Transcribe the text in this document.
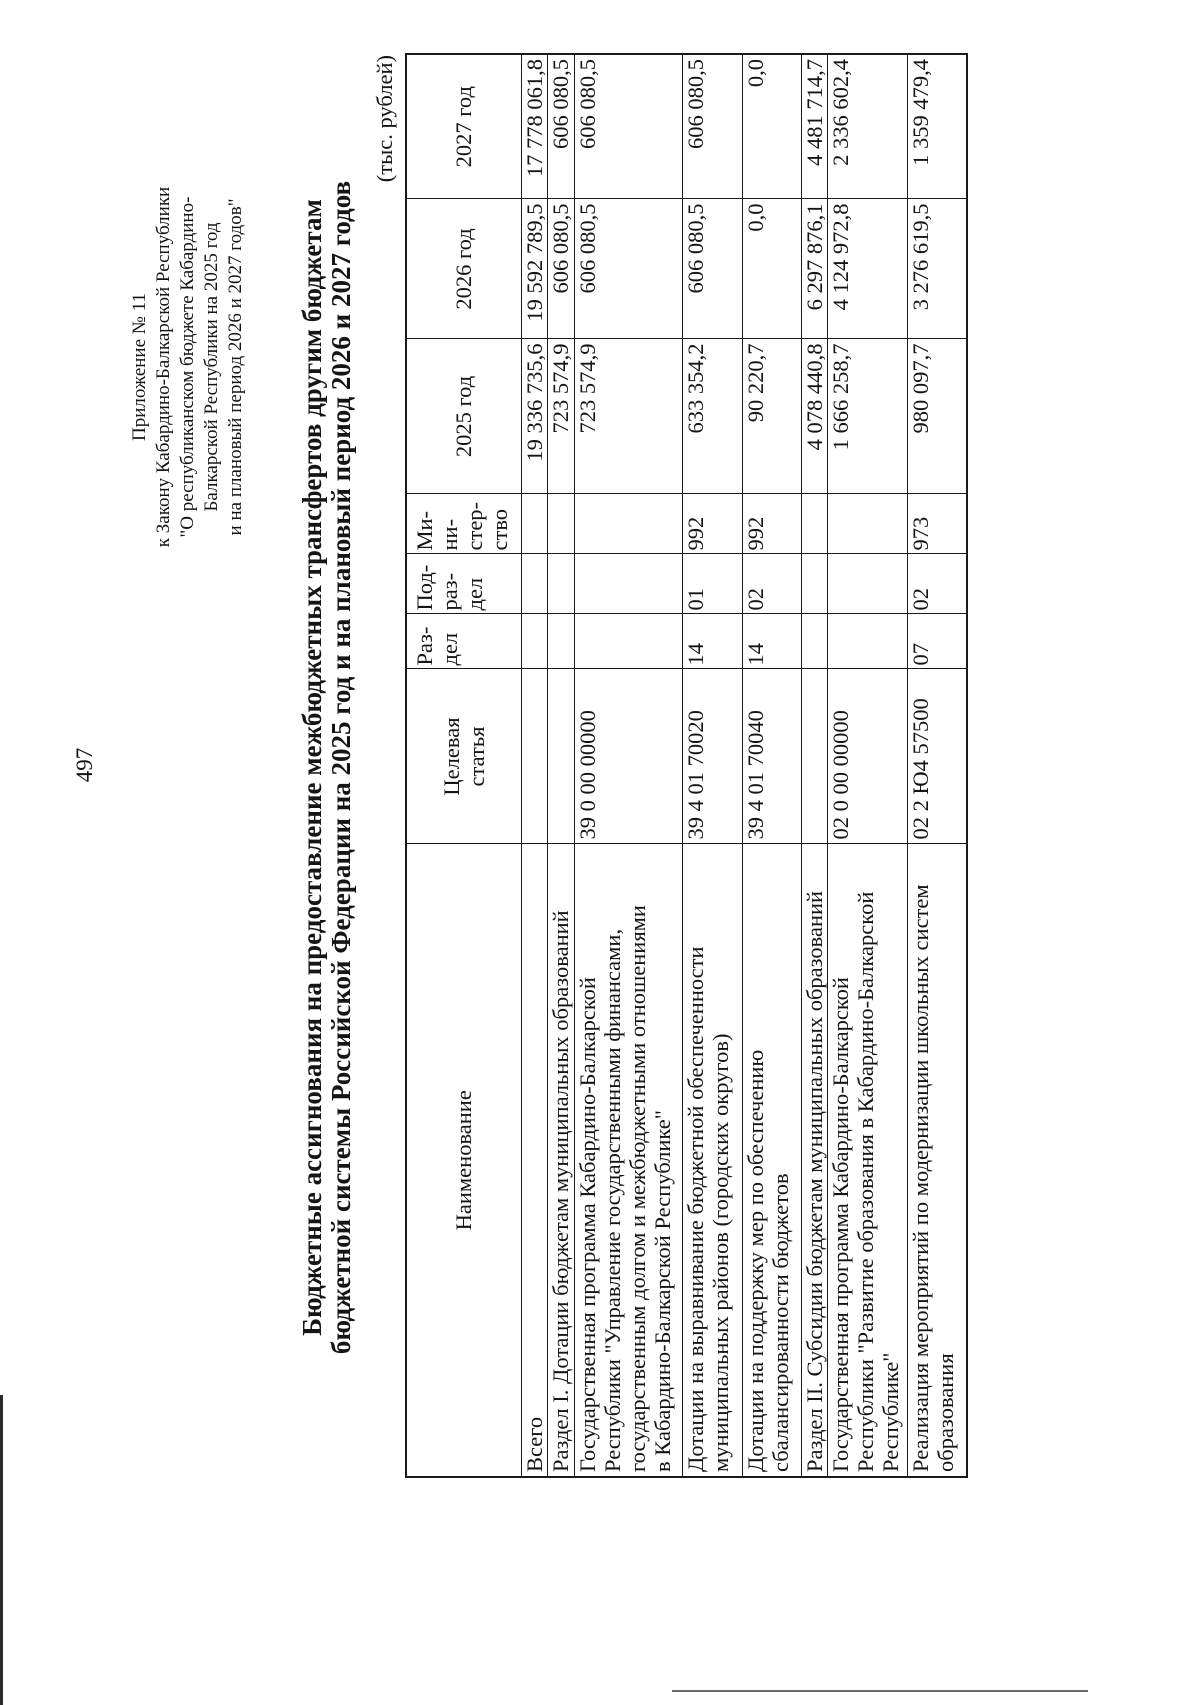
497
Приложение № 11 к Закону Кабардино-Балкарской Республики "О республиканском бюджете Кабардино- Балкарской Республики на 2025 год и на плановый период 2026 и 2027 годов" Бюджетные ассигнования на предоставление межбюджетных трансфертов другим бюджетам бюджетной системы Российской Федерации на 2025 год и на плановый период 2026 и 2027 годов
(тыс. рублей)
Наименование	Целевая статья	Раз- дел	Под- раз- дел	Ми- ни- стер- ство	2025 год	2026 год	2027 год

Всего					19 336 735,6	19 592 789,5	17 778 061,8

Раздел I. Дотации бюджетам муниципальных образований					723 574,9	606 080,5	606 080,5

Государственная программа Кабардино-Балкарской Республики "Управление государственными финансами, государственным долгом и межбюджетными отношениями в Кабардино-Балкарской Республике"	39 0 00 00000				723 574,9	606 080,5	606 080,5

Дотации на выравнивание бюджетной обеспеченности муниципальных районов (городских округов)	39 4 01 70020	14	01	992	633 354,2	606 080,5	606 080,5

Дотации на поддержку мер по обеспечению сбалансированности бюджетов	39 4 01 70040	14	02	992	90 220,7	0,0	0,0

Раздел II. Субсидии бюджетам муниципальных образований					4 078 440,8	6 297 876,1	4 481 714,7

Государственная программа Кабардино-Балкарской Республики "Развитие образования в Кабардино-Балкарской Республике"	02 0 00 00000				1 666 258,7	4 124 972,8	2 336 602,4

Реализация мероприятий по модернизации школьных систем образования	02 2 Ю4 57500	07	02	973	980 097,7	3 276 619,5	1 359 479,4
